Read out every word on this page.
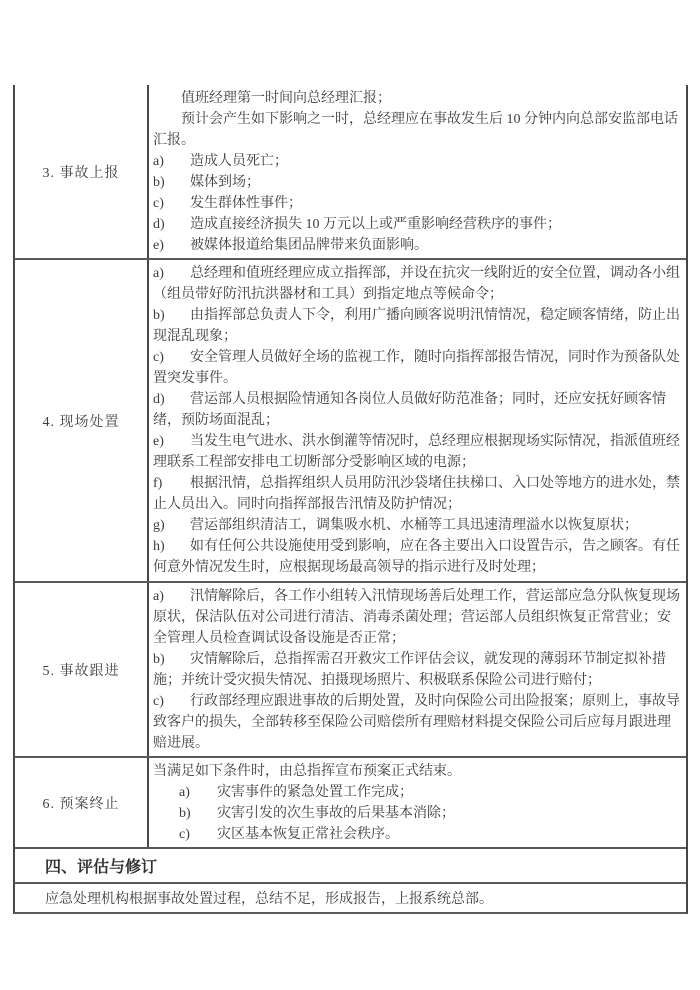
3. 事故上报

值班经理第一时间向总经理汇报；

预计会产生如下影响之一时，总经理应在事故发生后 10 分钟内向总部安监部电话汇报。

a) 造成人员死亡；

b) 媒体到场；

c) 发生群体性事件；

d) 造成直接经济损失 10 万元以上或严重影响经营秩序的事件；

e) 被媒体报道给集团品牌带来负面影响。

4. 现场处置

a) 总经理和值班经理应成立指挥部，并设在抗灾一线附近的安全位置，调动各小组（组员带好防汛抗洪器材和工具）到指定地点等候命令；

b) 由指挥部总负责人下令，利用广播向顾客说明汛情情况，稳定顾客情绪，防止出现混乱现象；

c) 安全管理人员做好全场的监视工作，随时向指挥部报告情况，同时作为预备队处置突发事件。

d) 营运部人员根据险情通知各岗位人员做好防范准备；同时，还应安抚好顾客情绪，预防场面混乱；

e) 当发生电气进水、洪水倒灌等情况时，总经理应根据现场实际情况，指派值班经理联系工程部安排电工切断部分受影响区域的电源；

f) 根据汛情，总指挥组织人员用防汛沙袋堵住扶梯口、入口处等地方的进水处，禁止人员出入。同时向指挥部报告汛情及防护情况；

g) 营运部组织清洁工，调集吸水机、水桶等工具迅速清理溢水以恢复原状；

h) 如有任何公共设施使用受到影响，应在各主要出入口设置告示，告之顾客。有任何意外情况发生时，应根据现场最高领导的指示进行及时处理；

5. 事故跟进

a) 汛情解除后，各工作小组转入汛情现场善后处理工作，营运部应急分队恢复现场原状，保洁队伍对公司进行清洁、消毒杀菌处理；营运部人员组织恢复正常营业；安全管理人员检查调试设备设施是否正常；

b) 灾情解除后，总指挥需召开救灾工作评估会议，就发现的薄弱环节制定拟补措施；并统计受灾损失情况、拍摄现场照片、积极联系保险公司进行赔付；

c) 行政部经理应跟进事故的后期处置，及时向保险公司出险报案；原则上，事故导致客户的损失，全部转移至保险公司赔偿所有理赔材料提交保险公司后应每月跟进理赔进展。

6. 预案终止

当满足如下条件时，由总指挥宣布预案正式结束。

a) 灾害事件的紧急处置工作完成；

b) 灾害引发的次生事故的后果基本消除；

c) 灾区基本恢复正常社会秩序。

四、评估与修订
应急处理机构根据事故处置过程，总结不足，形成报告，上报系统总部。
